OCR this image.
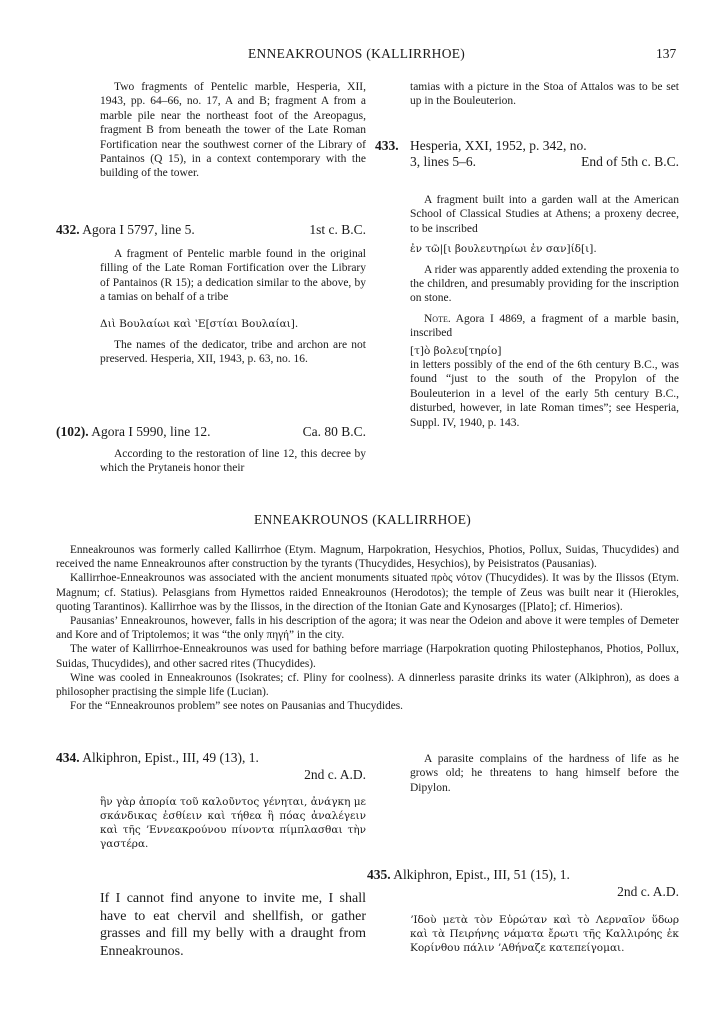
ENNEAKROUNOS (KALLIRRHOE)	137

Two fragments of Pentelic marble, Hesperia, XII, 1943, pp. 64–66, no. 17, A and B; fragment A from a marble pile near the northeast foot of the Areopagus, fragment B from beneath the tower of the Late Roman Fortification near the southwest corner of the Library of Pantainos (Q 15), in a context contemporary with the building of the tower.

432. Agora I 5797, line 5.	1st c. B.C.

A fragment of Pentelic marble found in the original filling of the Late Roman Fortification over the Library of Pantainos (R 15); a dedication similar to the above, by a tamias on behalf of a tribe

Διὶ Βουλαίωι καὶ ʽΕ[στίαι Βουλαίαι].

The names of the dedicator, tribe and archon are not preserved. Hesperia, XII, 1943, p. 63, no. 16.

(102). Agora I 5990, line 12.	Ca. 80 B.C.

According to the restoration of line 12, this decree by which the Prytaneis honor their

tamias with a picture in the Stoa of Attalos was to be set up in the Bouleuterion.

433. Hesperia, XXI, 1952, p. 342, no. 3, lines 5–6.	End of 5th c. B.C.

A fragment built into a garden wall at the American School of Classical Studies at Athens; a proxeny decree, to be inscribed

ἐν τῶ|[ι βουλευτηρίωι ἐν σαν]ίδ[ι].

A rider was apparently added extending the proxenia to the children, and presumably providing for the inscription on stone.

Note. Agora I 4869, a fragment of a marble basin, inscribed

[τ]ὸ βολευ[τηρίο]

in letters possibly of the end of the 6th century B.C., was found “just to the south of the Propylon of the Bouleuterion in a level of the early 5th century B.C., disturbed, however, in late Roman times”; see Hesperia, Suppl. IV, 1940, p. 143.

ENNEAKROUNOS (KALLIRRHOE)

Enneakrounos was formerly called Kallirrhoe (Etym. Magnum, Harpokration, Hesychios, Photios, Pollux, Suidas, Thucydides) and received the name Enneakrounos after construction by the tyrants (Thucydides, Hesychios), by Peisistratos (Pausanias).

Kallirrhoe-Enneakrounos was associated with the ancient monuments situated πρὸς νότον (Thucydides). It was by the Ilissos (Etym. Magnum; cf. Statius). Pelasgians from Hymettos raided Enneakrounos (Herodotos); the temple of Zeus was built near it (Hierokles, quoting Tarantinos). Kallirrhoe was by the Ilissos, in the direction of the Itonian Gate and Kynosarges ([Plato]; cf. Himerios).

Pausanias’ Enneakrounos, however, falls in his description of the agora; it was near the Odeion and above it were temples of Demeter and Kore and of Triptolemos; it was “the only πηγή” in the city.

The water of Kallirrhoe-Enneakrounos was used for bathing before marriage (Harpokration quoting Philostephanos, Photios, Pollux, Suidas, Thucydides), and other sacred rites (Thucydides).

Wine was cooled in Enneakrounos (Isokrates; cf. Pliny for coolness). A dinnerless parasite drinks its water (Alkiphron), as does a philosopher practising the simple life (Lucian).

For the “Enneakrounos problem” see notes on Pausanias and Thucydides.

434. Alkiphron, Epist., III, 49 (13), 1.
2nd c. A.D.

ἣν γὰρ ἀπορία τοῦ καλοῦντος γένηται, ἀνάγκη με σκάνδικας ἐσθίειν καὶ τήθεα ἢ πόας ἀναλέγειν καὶ τῆς ʼΕννεακρούνου πίνοντα πίμπλασθαι τὴν γαστέρα.

If I cannot find anyone to invite me, I shall have to eat chervil and shellfish, or gather grasses and fill my belly with a draught from Enneakrounos.

A parasite complains of the hardness of life as he grows old; he threatens to hang himself before the Dipylon.

435. Alkiphron, Epist., III, 51 (15), 1.
2nd c. A.D.

ʼΙδοὺ μετὰ τὸν Εὐρώταν καὶ τὸ Λερναῖον ὕδωρ καὶ τὰ Πειρήνης νάματα ἔρωτι τῆς Καλλιρόης ἐκ Κορίνθου πάλιν ʼΑθήναζε κατεπείγομαι.
